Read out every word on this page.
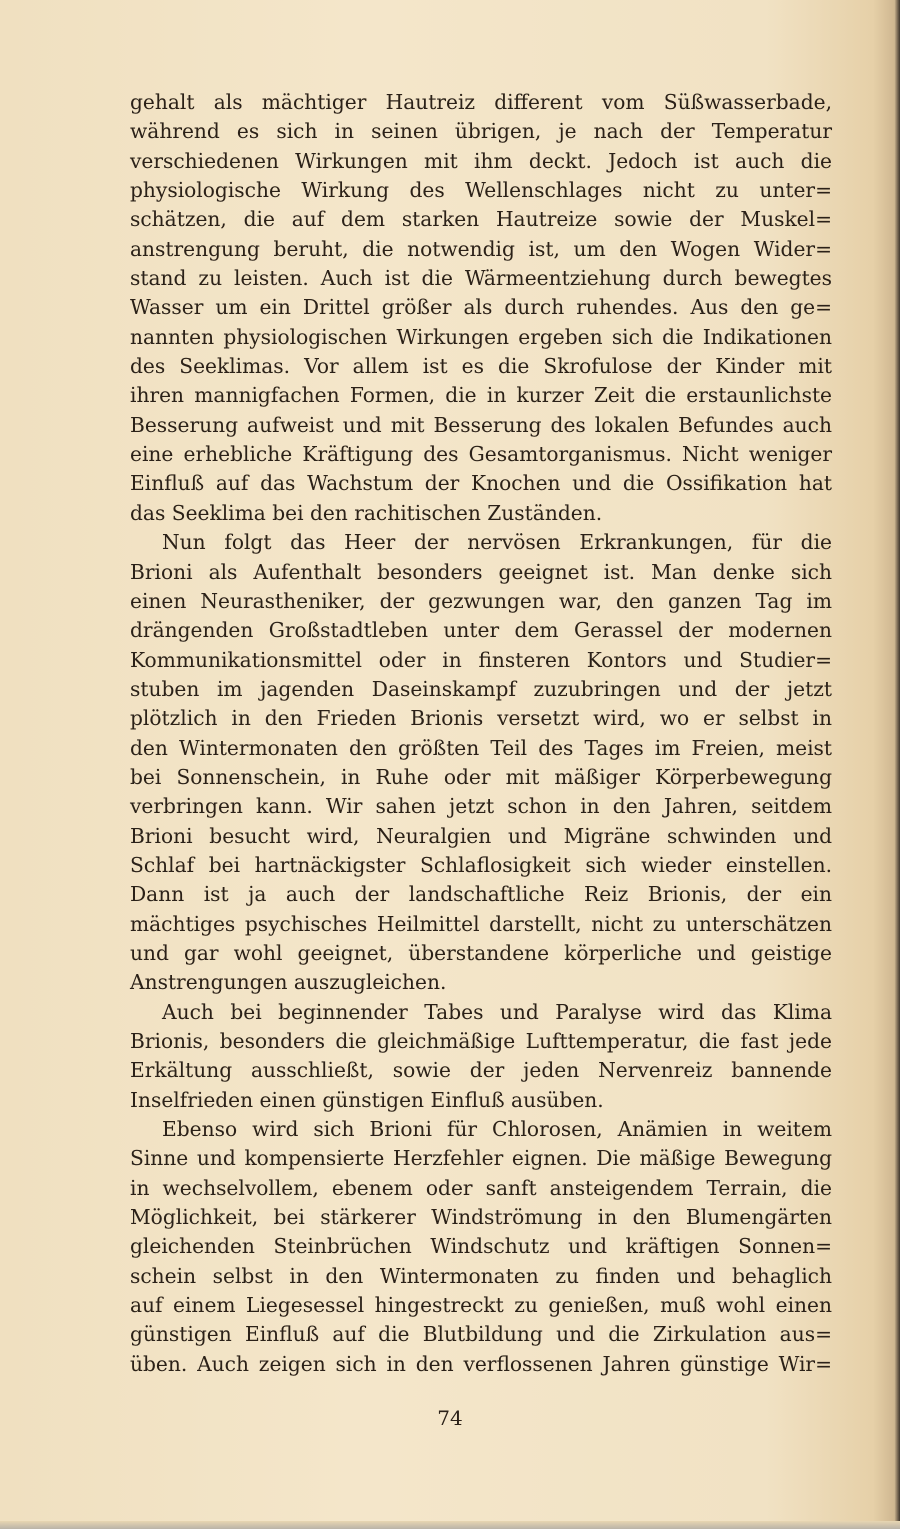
gehalt als mächtiger Hautreiz different vom Süßwasserbade,
während es sich in seinen übrigen, je nach der Temperatur
verschiedenen Wirkungen mit ihm deckt. Jedoch ist auch die
physiologische Wirkung des Wellenschlages nicht zu unter=
schätzen, die auf dem starken Hautreize sowie der Muskel=
anstrengung beruht, die notwendig ist, um den Wogen Wider=
stand zu leisten. Auch ist die Wärmeentziehung durch bewegtes
Wasser um ein Drittel größer als durch ruhendes. Aus den ge=
nannten physiologischen Wirkungen ergeben sich die Indikationen
des Seeklimas. Vor allem ist es die Skrofulose der Kinder mit
ihren mannigfachen Formen, die in kurzer Zeit die erstaunlichste
Besserung aufweist und mit Besserung des lokalen Befundes auch
eine erhebliche Kräftigung des Gesamtorganismus. Nicht weniger
Einfluß auf das Wachstum der Knochen und die Ossifikation hat
das Seeklima bei den rachitischen Zuständen.
Nun folgt das Heer der nervösen Erkrankungen, für die
Brioni als Aufenthalt besonders geeignet ist. Man denke sich
einen Neurastheniker, der gezwungen war, den ganzen Tag im
drängenden Großstadtleben unter dem Gerassel der modernen
Kommunikationsmittel oder in finsteren Kontors und Studier=
stuben im jagenden Daseinskampf zuzubringen und der jetzt
plötzlich in den Frieden Brionis versetzt wird, wo er selbst in
den Wintermonaten den größten Teil des Tages im Freien, meist
bei Sonnenschein, in Ruhe oder mit mäßiger Körperbewegung
verbringen kann. Wir sahen jetzt schon in den Jahren, seitdem
Brioni besucht wird, Neuralgien und Migräne schwinden und
Schlaf bei hartnäckigster Schlaflosigkeit sich wieder einstellen.
Dann ist ja auch der landschaftliche Reiz Brionis, der ein
mächtiges psychisches Heilmittel darstellt, nicht zu unterschätzen
und gar wohl geeignet, überstandene körperliche und geistige
Anstrengungen auszugleichen.
Auch bei beginnender Tabes und Paralyse wird das Klima
Brionis, besonders die gleichmäßige Lufttemperatur, die fast jede
Erkältung ausschließt, sowie der jeden Nervenreiz bannende
Inselfrieden einen günstigen Einfluß ausüben.
Ebenso wird sich Brioni für Chlorosen, Anämien in weitem
Sinne und kompensierte Herzfehler eignen. Die mäßige Bewegung
in wechselvollem, ebenem oder sanft ansteigendem Terrain, die
Möglichkeit, bei stärkerer Windströmung in den Blumengärten
gleichenden Steinbrüchen Windschutz und kräftigen Sonnen=
schein selbst in den Wintermonaten zu finden und behaglich
auf einem Liegesessel hingestreckt zu genießen, muß wohl einen
günstigen Einfluß auf die Blutbildung und die Zirkulation aus=
üben. Auch zeigen sich in den verflossenen Jahren günstige Wir=
74
